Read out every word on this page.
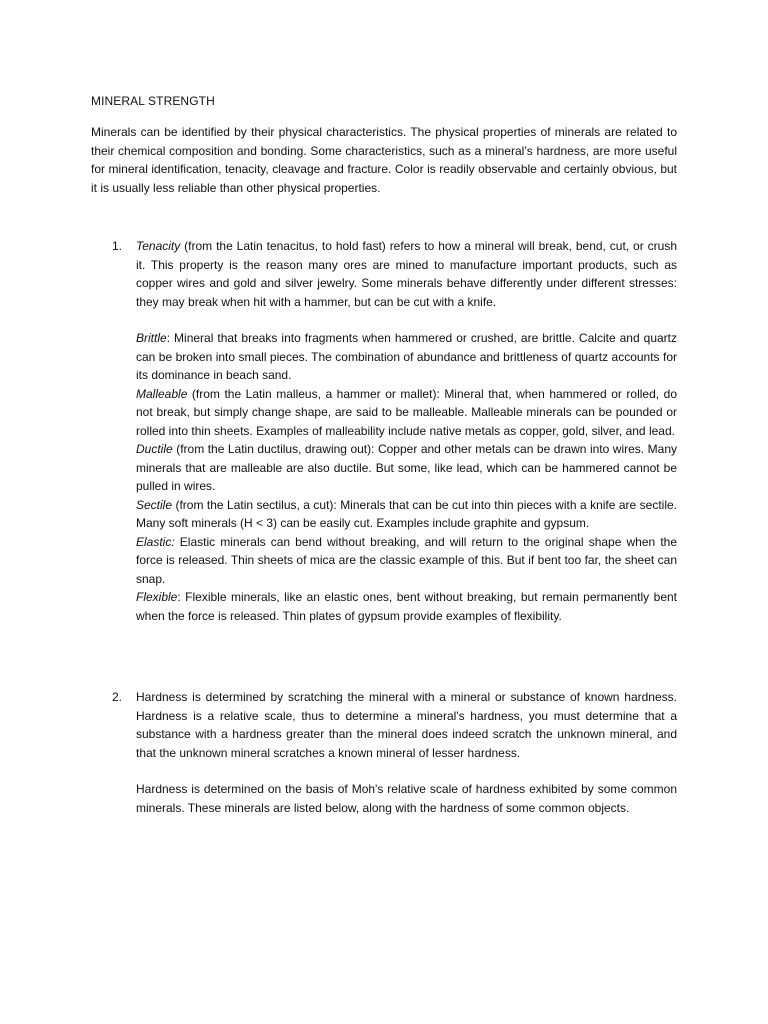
MINERAL STRENGTH

Minerals can be identified by their physical characteristics. The physical properties of minerals are related to their chemical composition and bonding. Some characteristics, such as a mineral’s hardness, are more useful for mineral identification, tenacity, cleavage and fracture. Color is readily observable and certainly obvious, but it is usually less reliable than other physical properties.

1. Tenacity (from the Latin tenacitus, to hold fast) refers to how a mineral will break, bend, cut, or crush it. This property is the reason many ores are mined to manufacture important products, such as copper wires and gold and silver jewelry. Some minerals behave differently under different stresses: they may break when hit with a hammer, but can be cut with a knife.

Brittle: Mineral that breaks into fragments when hammered or crushed, are brittle. Calcite and quartz can be broken into small pieces. The combination of abundance and brittleness of quartz accounts for its dominance in beach sand.

Malleable (from the Latin malleus, a hammer or mallet): Mineral that, when hammered or rolled, do not break, but simply change shape, are said to be malleable. Malleable minerals can be pounded or rolled into thin sheets. Examples of malleability include native metals as copper, gold, silver, and lead.

Ductile (from the Latin ductilus, drawing out): Copper and other metals can be drawn into wires. Many minerals that are malleable are also ductile. But some, like lead, which can be hammered cannot be pulled in wires.

Sectile (from the Latin sectilus, a cut): Minerals that can be cut into thin pieces with a knife are sectile. Many soft minerals (H < 3) can be easily cut. Examples include graphite and gypsum.

Elastic: Elastic minerals can bend without breaking, and will return to the original shape when the force is released. Thin sheets of mica are the classic example of this. But if bent too far, the sheet can snap.

Flexible: Flexible minerals, like an elastic ones, bent without breaking, but remain permanently bent when the force is released. Thin plates of gypsum provide examples of flexibility.

2. Hardness is determined by scratching the mineral with a mineral or substance of known hardness. Hardness is a relative scale, thus to determine a mineral's hardness, you must determine that a substance with a hardness greater than the mineral does indeed scratch the unknown mineral, and that the unknown mineral scratches a known mineral of lesser hardness.

Hardness is determined on the basis of Moh's relative scale of hardness exhibited by some common minerals. These minerals are listed below, along with the hardness of some common objects.
